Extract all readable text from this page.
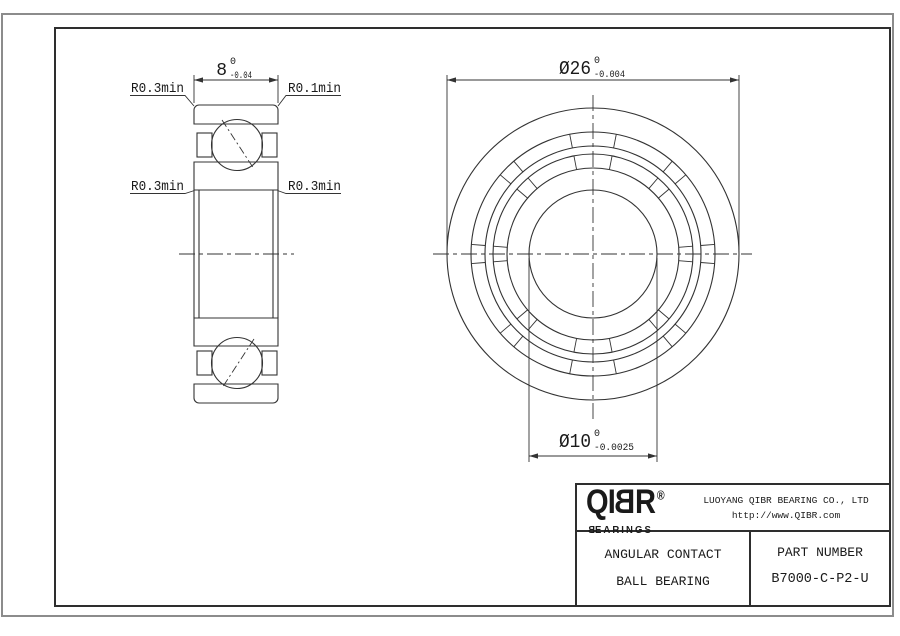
8 0
-0.04
R0.3min	R0.1min
R0.3min	R0.3min
Ø26 0
-0.004
Ø10 0
-0.0025
QIBR ®
BEARINGS
LUOYANG QIBR BEARING CO., LTD
http://www.QIBR.com
ANGULAR CONTACT
BALL BEARING
PART NUMBER
B7000-C-P2-U
